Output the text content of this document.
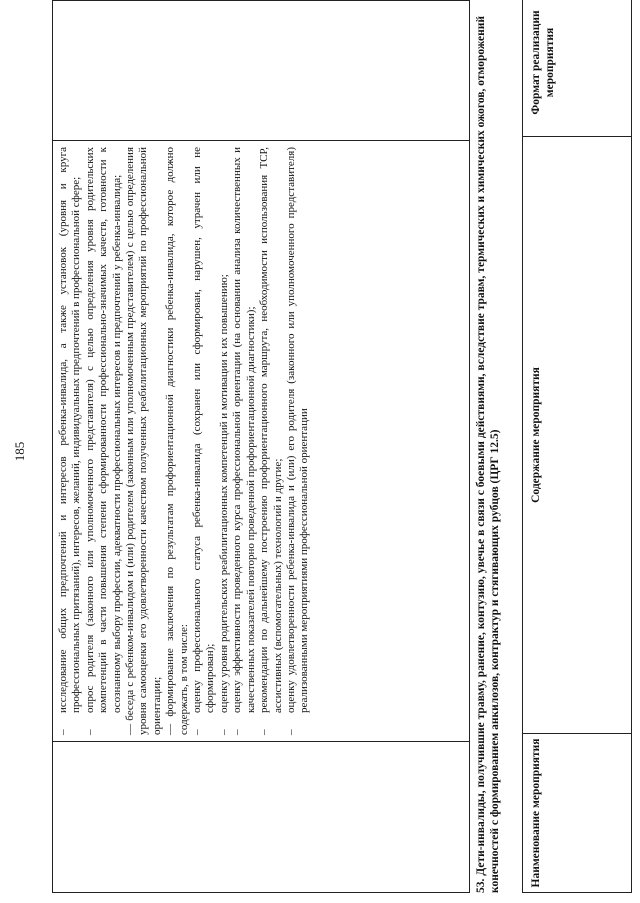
185

–
исследование общих предпочтений и интересов ребенка-инвалида, а также установок (уровня и круга профессиональных притязаний), интересов, желаний, индивидуальных предпочтений в профессиональной сфере;
–
опрос родителя (законного или уполномоченного представителя) с целью определения уровня родительских компетенций в части повышения степени сформированности профессионально-значимых качеств, готовности к осознанному выбору профессии, адекватности профессиональных интересов и предпочтений у ребенка-инвалида; — беседа с ребенком-инвалидом и (или) родителем (законным или уполномоченным представителем) с целью определения уровня самооценки его удовлетворенности качеством полученных реабилитационных мероприятий по профессиональной ориентации; — формирование заключения по результатам профориентационной диагностики ребенка-инвалида, которое должно содержать, в том числе: –
оценку профессионального статуса ребенка-инвалида (сохранен или сформирован, нарушен, утрачен или не сформирован);
–
оценку уровня родительских реабилитационных компетенций и мотивации к их повышению;
–
оценку эффективности проведенного курса профессиональной ориентации (на основании анализа количественных и качественных показателей повторно проведенной профориентационной диагностики);
–
рекомендации по дальнейшему построению профориентационного маршрута, необходимости использования ТСР, ассистивных (вспомогательных) технологий и другие;
–
оценку удовлетворенности ребенка-инвалида и (или) его родителя (законного или уполномоченного представителя) реализованными мероприятиями профессиональной ориентации
		53. Дети-инвалиды, получившие травму, ранение, контузию, увечье в связи с боевыми действиями, вследствие травм, термических и химических ожогов, отморожений конечностей с формированием анкилозов, контрактур и стягивающих рубцов (ЦРГ 12.5)	Наименование мероприятия	Содержание мероприятия	Формат реализации мероприятия
